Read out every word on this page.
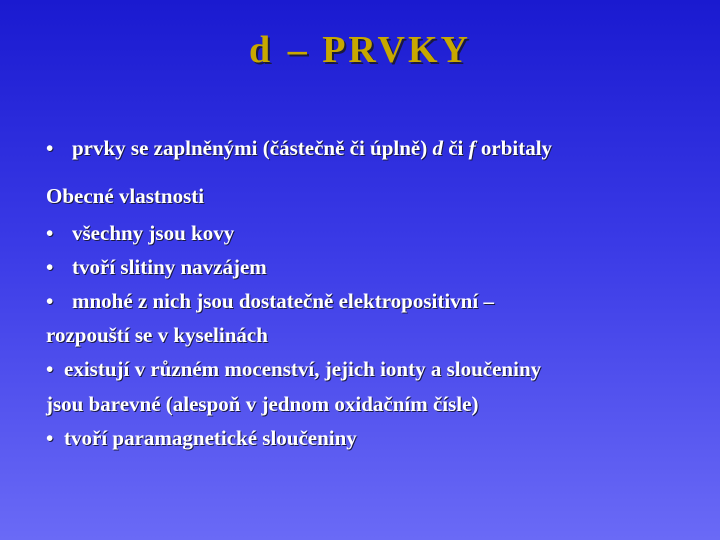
d – PRVKY
• prvky se zaplněnými (částečně či úplně) d či f orbitaly
Obecné vlastnosti
• všechny jsou kovy
• tvoří slitiny navzájem
• mnohé z nich jsou dostatečně elektropositivní –
rozpouští se v kyselinách
• existují v různém mocenství, jejich ionty a sloučeniny
jsou barevné (alespoň v jednom oxidačním čísle)
• tvoří paramagnetické sloučeniny
